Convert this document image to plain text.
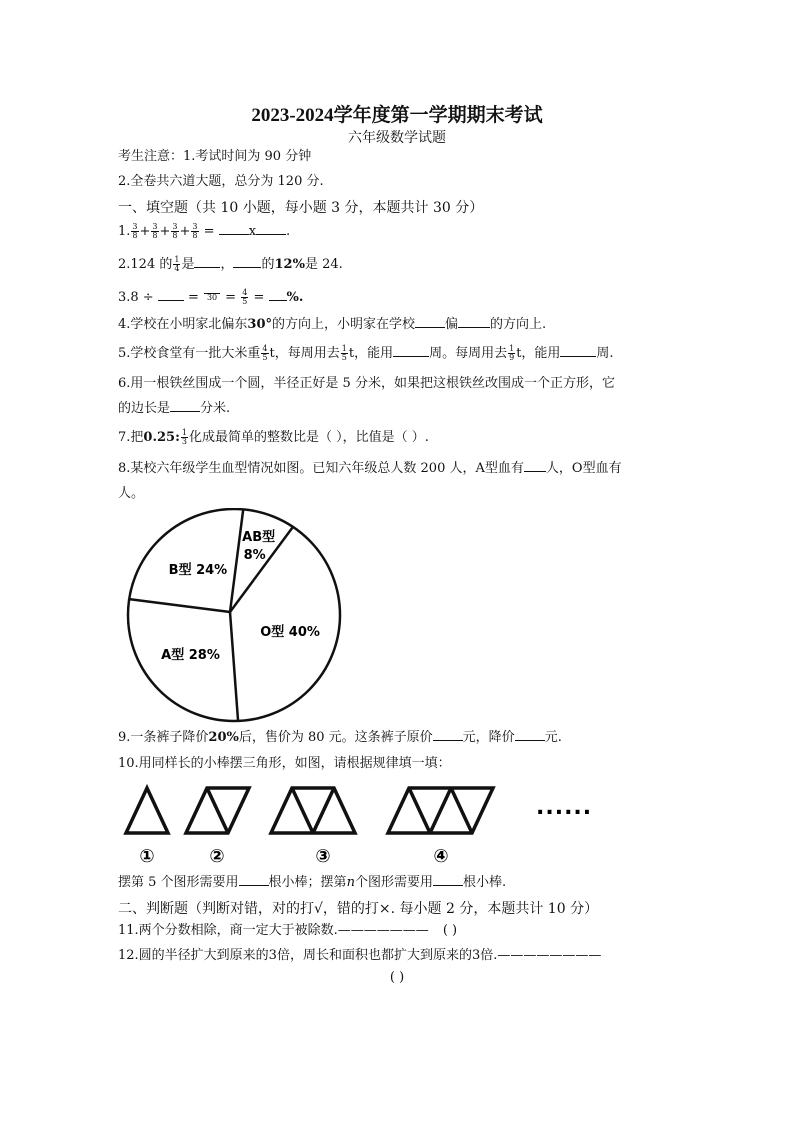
2023-2024学年度第一学期期末考试
六年级数学试题
考生注意：1.考试时间为 90 分钟
2.全卷共六道大题，总分为 120 分.
一、填空题（共 10 小题，每小题 3 分，本题共计 30 分）
1. $\frac{3}{8} + \frac{3}{8} + \frac{3}{8} + \frac{3}{8}$ =	x .
2.124 的 $\frac{1}{4}$ 是 ， 的12%是 24.
3.8 ÷	=	$30 = \frac{4}{5}$ = %.
4.学校在小明家北偏东30°的方向上，小明家在学校 偏 的方向上.
5.学校食堂有一批大米重 $\frac{4}{5}$ t，每周用去 $\frac{1}{5}$ t，能用	周。每周用去 $\frac{1}{9}$ t，能用	周.
6.用一根铁丝围成一个圆，半径正好是 5 分米，如果把这根铁丝改围成一个正方形，它
的边长是 分米.
7.把0.25: $\frac{1}{3}$ 化成最简单的整数比是（ ），比值是（ ）.
8.某校六年级学生血型情况如图。已知六年级总人数 200 人，A型血有 人，O型血有
人。
AB型 8%
O型 40%
A型 28%
B型 24%
9.一条裤子降价20%后，售价为 80 元。这条裤子原价 元，降价 元.
10.用同样长的小棒摆三角形，如图，请根据规律填一填：
①	②	③	④
......
摆第 5 个图形需要用 根小棒；摆第n个图形需要用 根小棒.
二、判断题（判断对错，对的打√，错的打×. 每小题 2 分，本题共计 10 分）
11.两个分数相除，商一定大于被除数.——————— ( )
12.圆的半径扩大到原来的3倍，周长和面积也都扩大到原来的3倍.————————
( )
